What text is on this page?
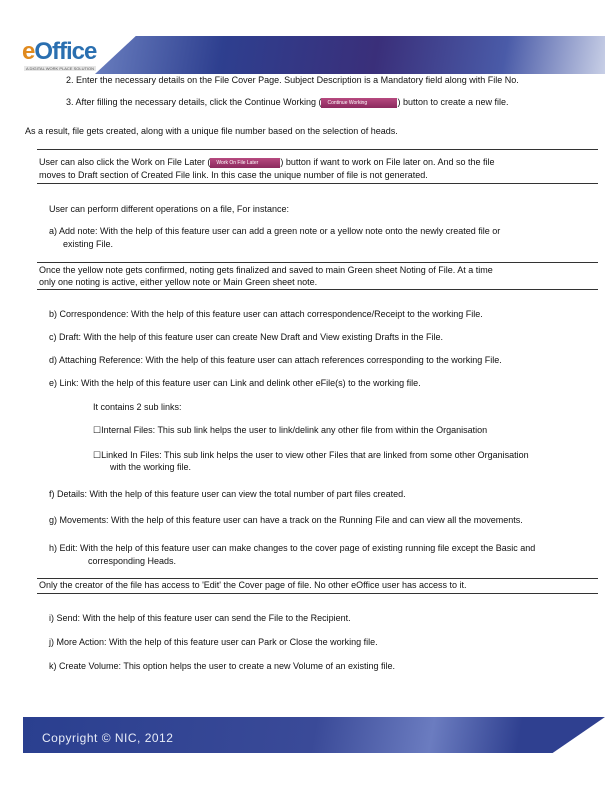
eOffice
A DIGITAL WORK PLACE SOLUTION
2. Enter the necessary details on the File Cover Page. Subject Description is a Mandatory field along with File No.
3. After filling the necessary details, click the Continue Working ( Continue Working	) button to create a new file.
As a result, file gets created, along with a unique file number based on the selection of heads.
User can also click the Work on File Later ( Work On File Later ) button if want to work on File later on. And so the file
moves to Draft section of Created File link. In this case the unique number of file is not generated.
User can perform different operations on a file, For instance:
a) Add note: With the help of this feature user can add a green note or a yellow note onto the newly created file or
existing File.
Once the yellow note gets confirmed, noting gets finalized and saved to main Green sheet Noting of File. At a time
only one noting is active, either yellow note or Main Green sheet note.
b) Correspondence: With the help of this feature user can attach correspondence/Receipt to the working File.
c) Draft: With the help of this feature user can create New Draft and View existing Drafts in the File.
d) Attaching Reference: With the help of this feature user can attach references corresponding to the working File.
e) Link: With the help of this feature user can Link and delink other eFile(s) to the working file.
It contains 2 sub links:
☐Internal Files: This sub link helps the user to link/delink any other file from within the Organisation
☐Linked In Files: This sub link helps the user to view other Files that are linked from some other Organisation
with the working file.
f) Details: With the help of this feature user can view the total number of part files created.
g) Movements: With the help of this feature user can have a track on the Running File and can view all the movements.
h) Edit: With the help of this feature user can make changes to the cover page of existing running file except the Basic and
corresponding Heads.
Only the creator of the file has access to 'Edit' the Cover page of file. No other eOffice user has access to it.
i) Send: With the help of this feature user can send the File to the Recipient.
j) More Action: With the help of this feature user can Park or Close the working file.
k) Create Volume: This option helps the user to create a new Volume of an existing file.
Copyright © NIC, 2012
